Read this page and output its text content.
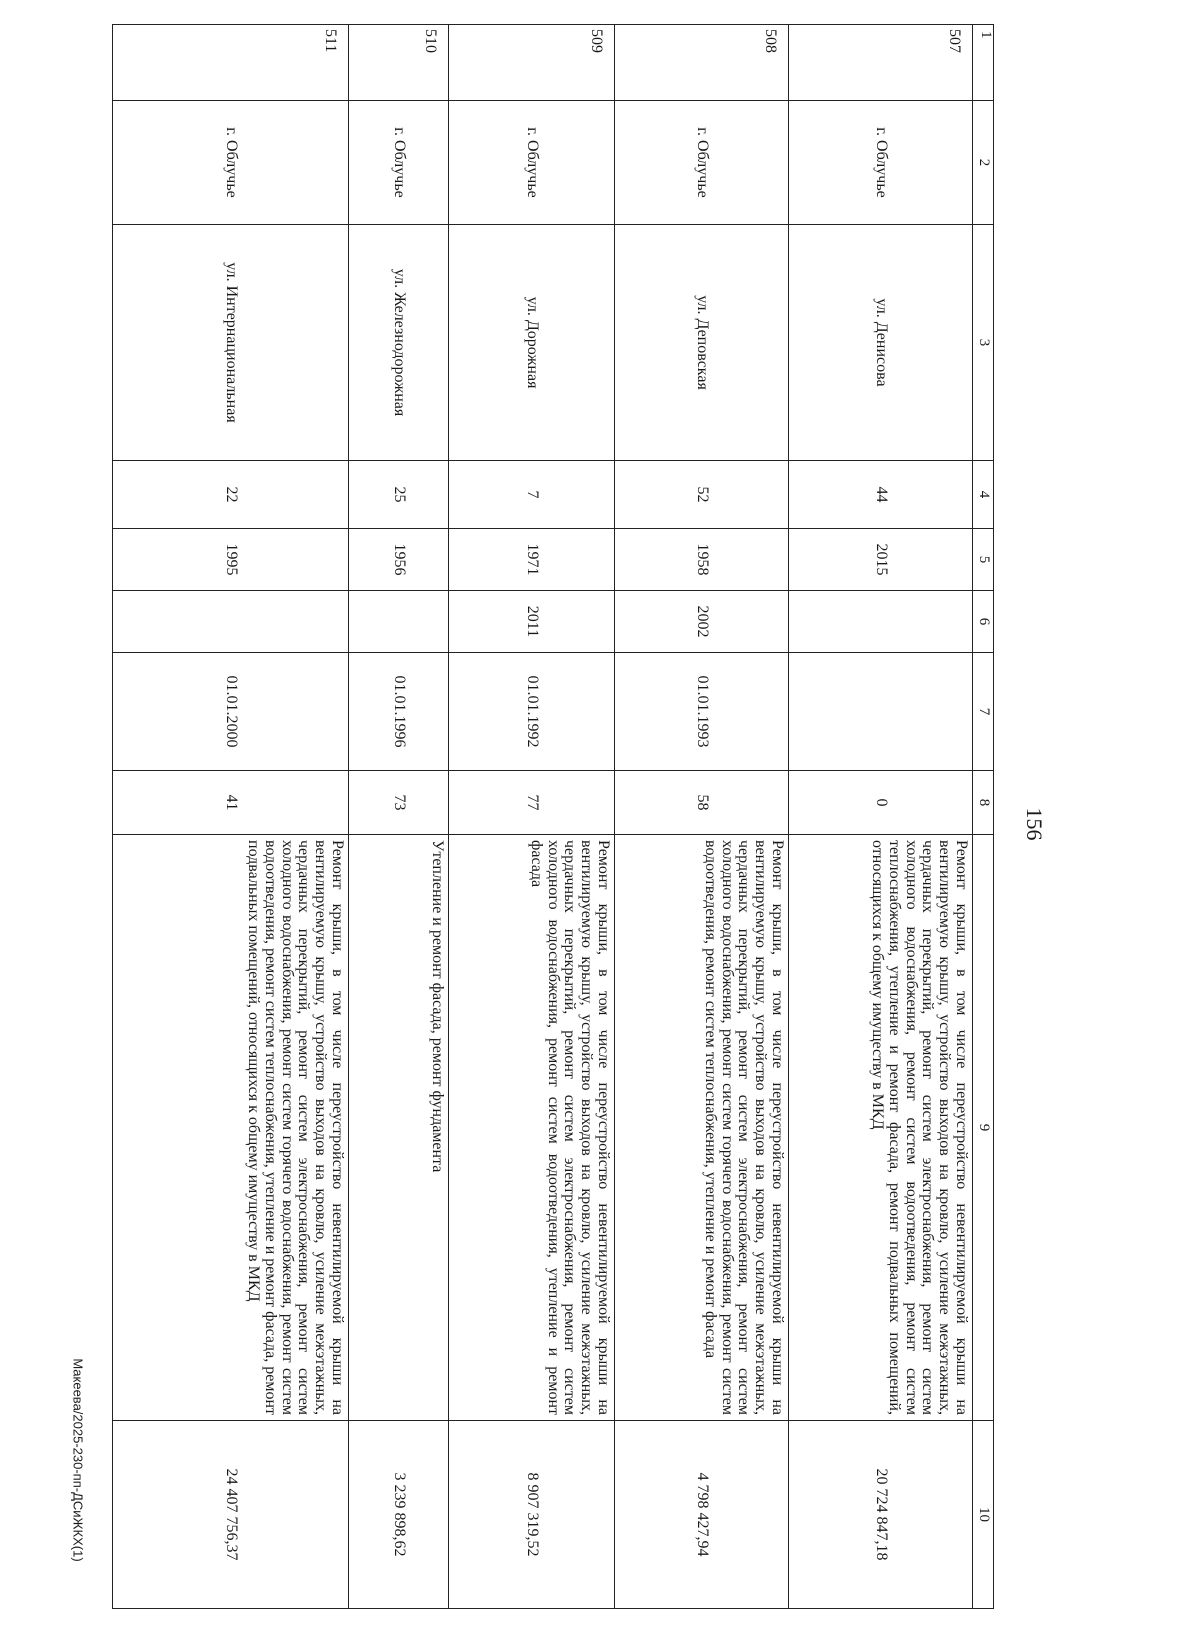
156
1	2	3	4	5	6	7	8	9	10
507	г. Облучье	ул. Денисова	44	2015			0	Ремонт крыши, в том числе переустройство невентилируемой крыши на вентилируемую крышу, устройство выходов на кровлю, усиление межэтажных, чердачных перекрытий, ремонт систем электроснабжения, ремонт систем холодного водоснабжения, ремонт систем водоотведения, ремонт систем теплоснабжения, утепление и ремонт фасада, ремонт подвальных помещений, относящихся к общему имуществу в МКД	20 724 847,18
508	г. Облучье	ул. Деповская	52	1958	2002	01.01.1993	58	Ремонт крыши, в том числе переустройство невентилируемой крыши на вентилируемую крышу, устройство выходов на кровлю, усиление межэтажных, чердачных перекрытий, ремонт систем электроснабжения, ремонт систем холодного водоснабжения, ремонт систем горячего водоснабжения, ремонт систем водоотведения, ремонт систем теплоснабжения, утепление и ремонт фасада	4 798 427,94
509	г. Облучье	ул. Дорожная	7	1971	2011	01.01.1992	77	Ремонт крыши, в том числе переустройство невентилируемой крыши на вентилируемую крышу, устройство выходов на кровлю, усиление межэтажных, чердачных перекрытий, ремонт систем электроснабжения, ремонт систем холодного водоснабжения, ремонт систем водоотведения, утепление и ремонт фасада	8 907 319,52
510	г. Облучье	ул. Железнодорожная	25	1956		01.01.1996	73	Утепление и ремонт фасада, ремонт фундамента	3 239 898,62
511	г. Облучье	ул. Интернациональная	22	1995		01.01.2000	41	Ремонт крыши, в том числе переустройство невентилируемой крыши на вентилируемую крышу, устройство выходов на кровлю, усиление межэтажных, чердачных перекрытий, ремонт систем электроснабжения, ремонт систем холодного водоснабжения, ремонт систем горячего водоснабжения, ремонт систем водоотведения, ремонт систем теплоснабжения, утепление и ремонт фасада, ремонт подвальных помещений, относящихся к общему имуществу в МКД	24 407 756,37
Макеева/2025-230-пп-ДСиЖКХ(1)
